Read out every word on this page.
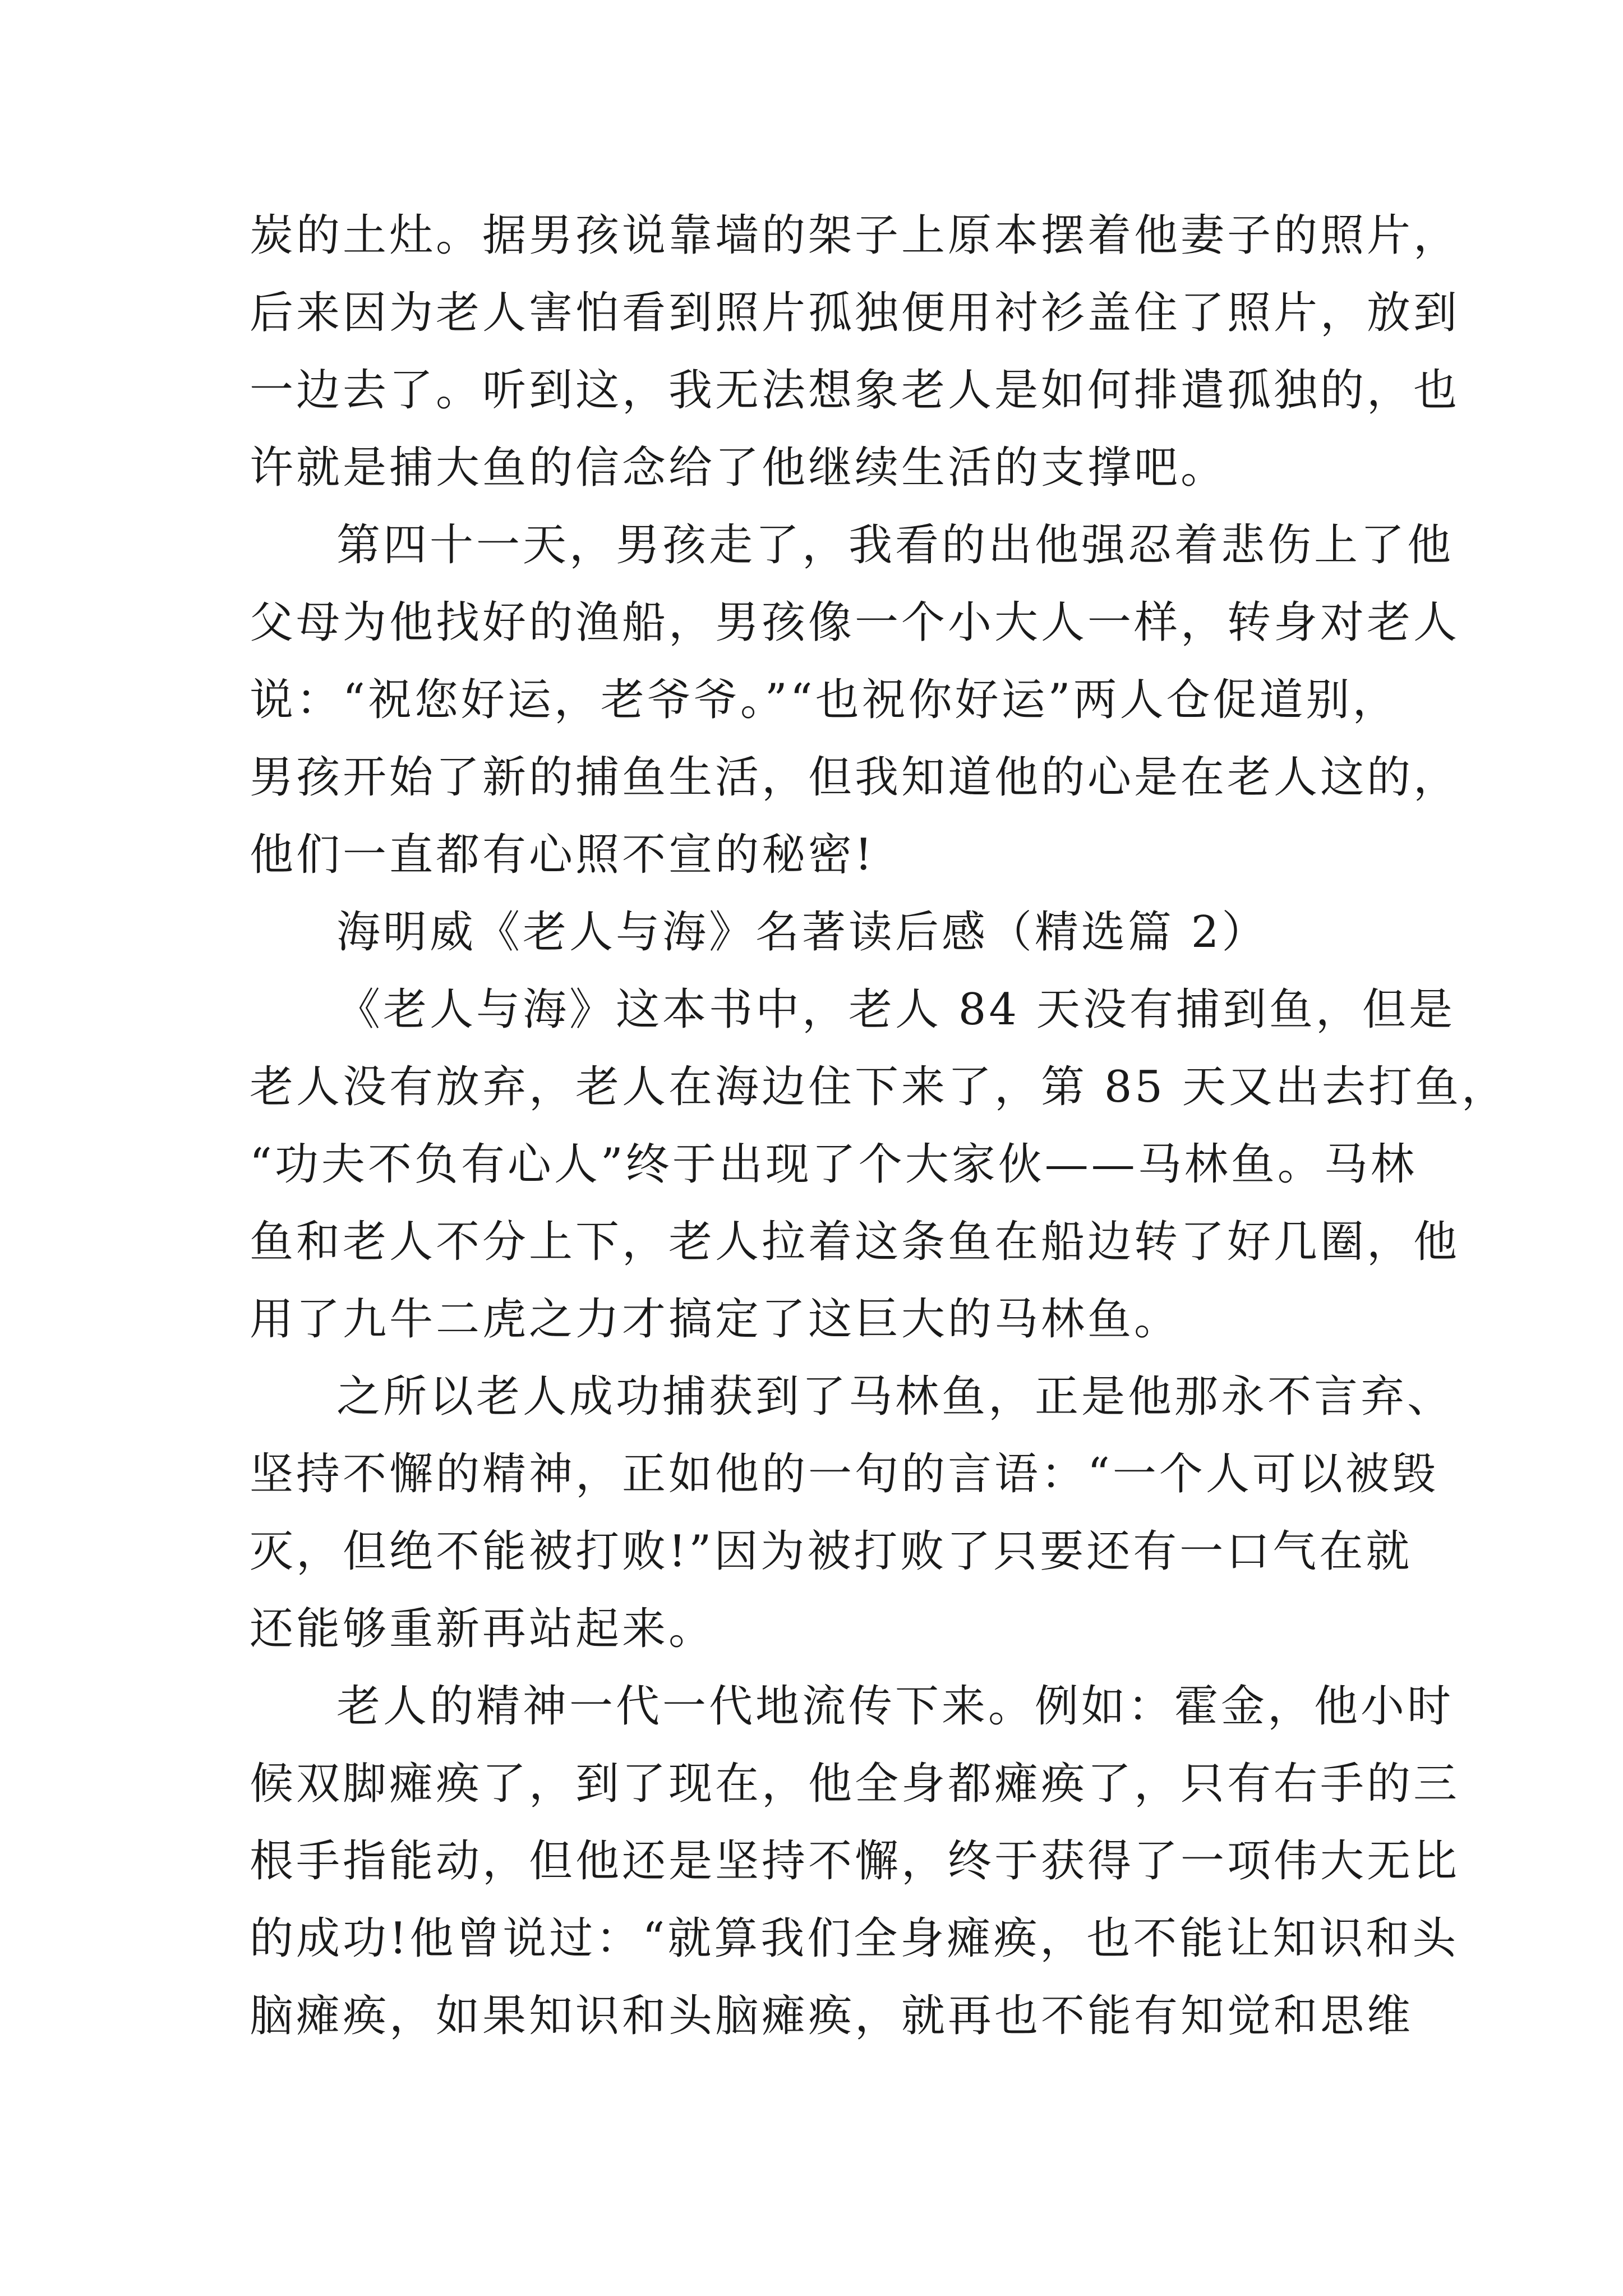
炭的土灶。据男孩说靠墙的架子上原本摆着他妻子的照片，
后来因为老人害怕看到照片孤独便用衬衫盖住了照片，放到
一边去了。听到这，我无法想象老人是如何排遣孤独的，也
许就是捕大鱼的信念给了他继续生活的支撑吧。
第四十一天，男孩走了，我看的出他强忍着悲伤上了他
父母为他找好的渔船，男孩像一个小大人一样，转身对老人
说：“祝您好运，老爷爷。”“也祝你好运”两人仓促道别，
男孩开始了新的捕鱼生活，但我知道他的心是在老人这的，
他们一直都有心照不宣的秘密!
海明威《老人与海》名著读后感（精选篇 2）
《老人与海》这本书中，老人 84 天没有捕到鱼，但是
老人没有放弃，老人在海边住下来了，第 85 天又出去打鱼，
“功夫不负有心人”终于出现了个大家伙——马林鱼。马林
鱼和老人不分上下，老人拉着这条鱼在船边转了好几圈，他
用了九牛二虎之力才搞定了这巨大的马林鱼。
之所以老人成功捕获到了马林鱼，正是他那永不言弃、
坚持不懈的精神，正如他的一句的言语：“一个人可以被毁
灭，但绝不能被打败!”因为被打败了只要还有一口气在就
还能够重新再站起来。
老人的精神一代一代地流传下来。例如：霍金，他小时
候双脚瘫痪了，到了现在，他全身都瘫痪了，只有右手的三
根手指能动，但他还是坚持不懈，终于获得了一项伟大无比
的成功!他曾说过：“就算我们全身瘫痪，也不能让知识和头
脑瘫痪，如果知识和头脑瘫痪，就再也不能有知觉和思维
